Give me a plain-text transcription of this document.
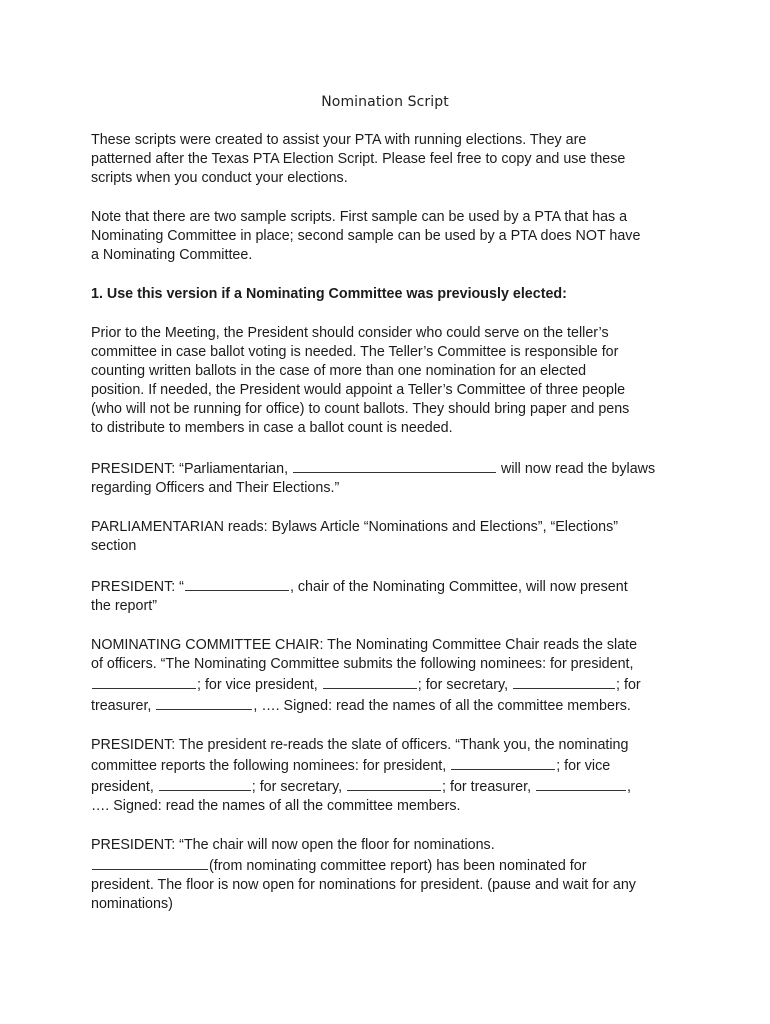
Nomination Script

These scripts were created to assist your PTA with running elections. They are
patterned after the Texas PTA Election Script. Please feel free to copy and use these
scripts when you conduct your elections.

Note that there are two sample scripts. First sample can be used by a PTA that has a
Nominating Committee in place; second sample can be used by a PTA does NOT have
a Nominating Committee.

1. Use this version if a Nominating Committee was previously elected:

Prior to the Meeting, the President should consider who could serve on the teller’s
committee in case ballot voting is needed. The Teller’s Committee is responsible for
counting written ballots in the case of more than one nomination for an elected
position. If needed, the President would appoint a Teller’s Committee of three people
(who will not be running for office) to count ballots. They should bring paper and pens
to distribute to members in case a ballot count is needed.

PRESIDENT: “Parliamentarian,	will now read the bylaws
regarding Officers and Their Elections.”

PARLIAMENTARIAN reads: Bylaws Article “Nominations and Elections”, “Elections”
section

PRESIDENT: “	, chair of the Nominating Committee, will now present
the report”

NOMINATING COMMITTEE CHAIR: The Nominating Committee Chair reads the slate
of officers. “The Nominating Committee submits the following nominees: for president,
; for vice president,	; for secretary,	; for
treasurer,	, …. Signed: read the names of all the committee members.

PRESIDENT: The president re-reads the slate of officers. “Thank you, the nominating
committee reports the following nominees: for president,	; for vice
president,	; for secretary,	; for treasurer,	,
…. Signed: read the names of all the committee members.

PRESIDENT: “The chair will now open the floor for nominations.
(from nominating committee report) has been nominated for
president. The floor is now open for nominations for president. (pause and wait for any
nominations)
